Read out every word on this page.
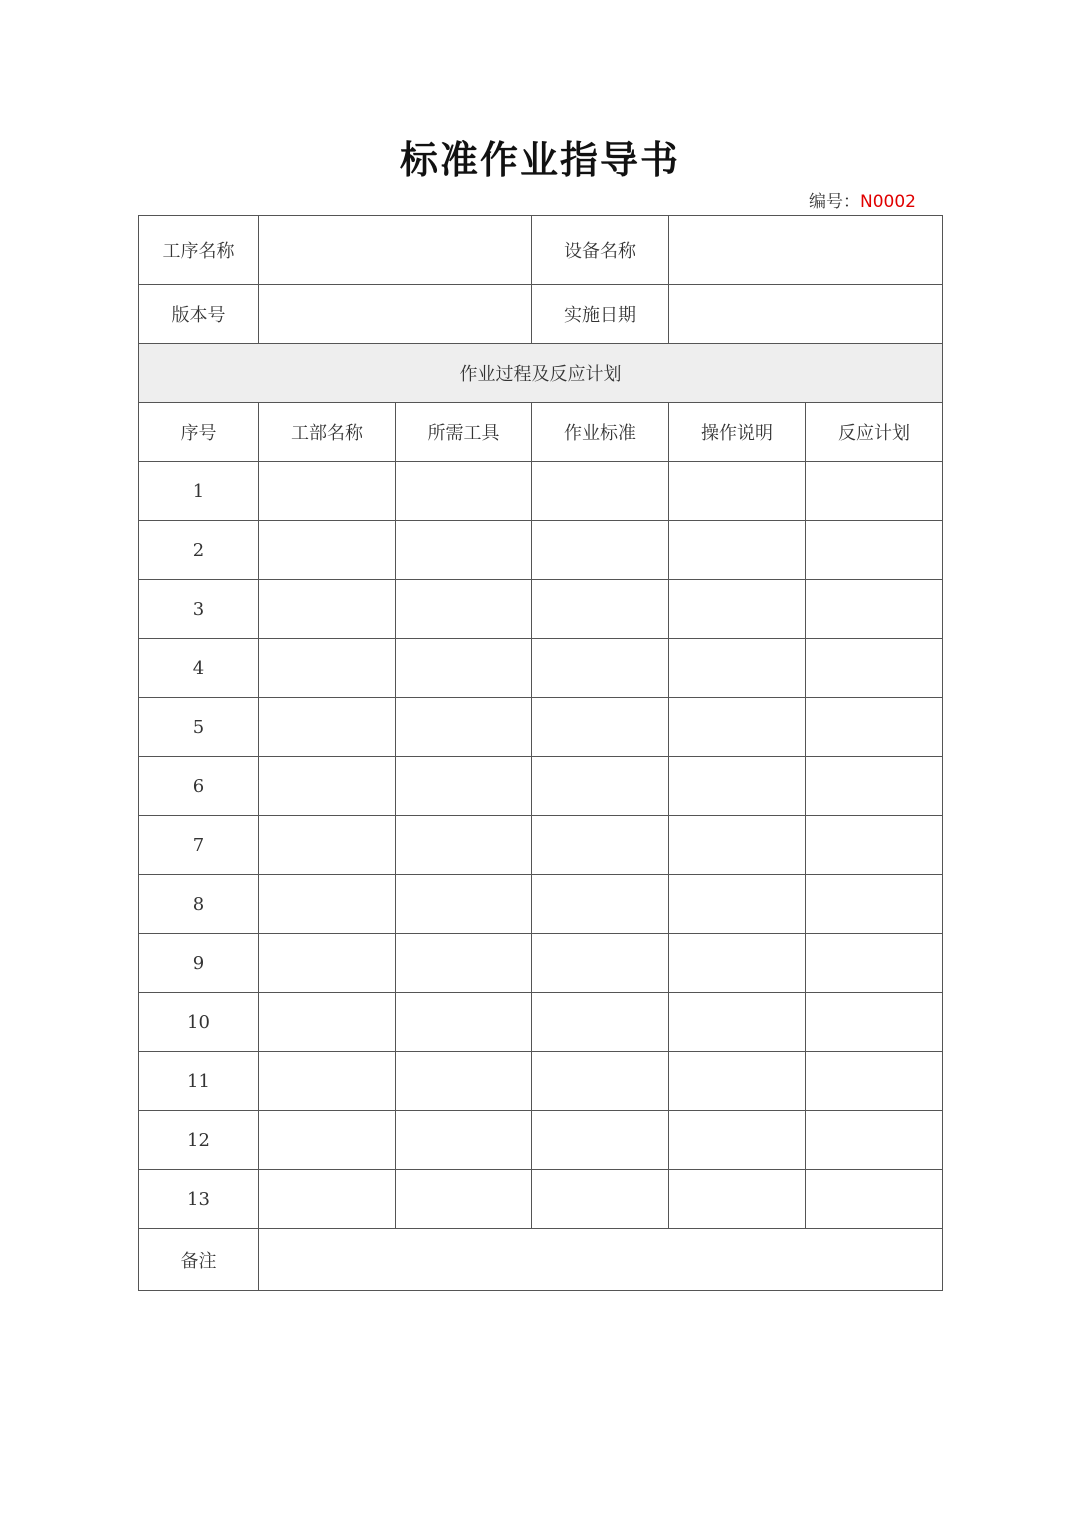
标准作业指导书
编号：N0002
工序名称			设备名称		
版本号			实施日期		
作业过程及反应计划					
序号	工部名称	所需工具	作业标准	操作说明	反应计划
1					
2					
3					
4					
5					
6					
7					
8					
9					
10					
11					
12					
13					
备注					
